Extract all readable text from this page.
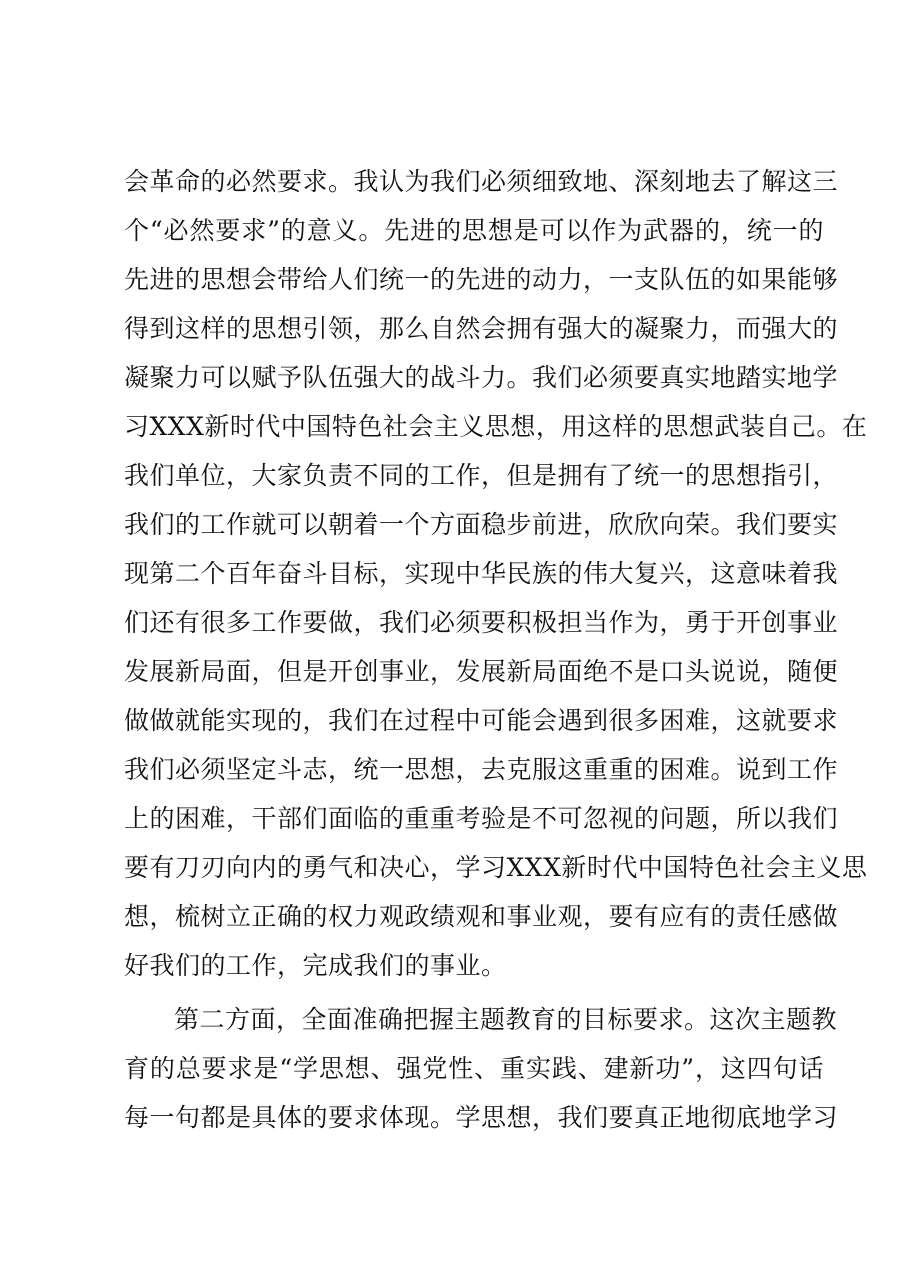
会革命的必然要求。我认为我们必须细致地、深刻地去了解这三
个“必然要求”的意义。先进的思想是可以作为武器的，统一的
先进的思想会带给人们统一的先进的动力，一支队伍的如果能够
得到这样的思想引领，那么自然会拥有强大的凝聚力，而强大的
凝聚力可以赋予队伍强大的战斗力。我们必须要真实地踏实地学
习XXX新时代中国特色社会主义思想，用这样的思想武装自己。在
我们单位，大家负责不同的工作，但是拥有了统一的思想指引，
我们的工作就可以朝着一个方面稳步前进，欣欣向荣。我们要实
现第二个百年奋斗目标，实现中华民族的伟大复兴，这意味着我
们还有很多工作要做，我们必须要积极担当作为，勇于开创事业
发展新局面，但是开创事业，发展新局面绝不是口头说说，随便
做做就能实现的，我们在过程中可能会遇到很多困难，这就要求
我们必须坚定斗志，统一思想，去克服这重重的困难。说到工作
上的困难，干部们面临的重重考验是不可忽视的问题，所以我们
要有刀刃向内的勇气和决心，学习XXX新时代中国特色社会主义思
想，梳树立正确的权力观政绩观和事业观，要有应有的责任感做
好我们的工作，完成我们的事业。
第二方面，全面准确把握主题教育的目标要求。这次主题教
育的总要求是“学思想、强党性、重实践、建新功”，这四句话
每一句都是具体的要求体现。学思想，我们要真正地彻底地学习
